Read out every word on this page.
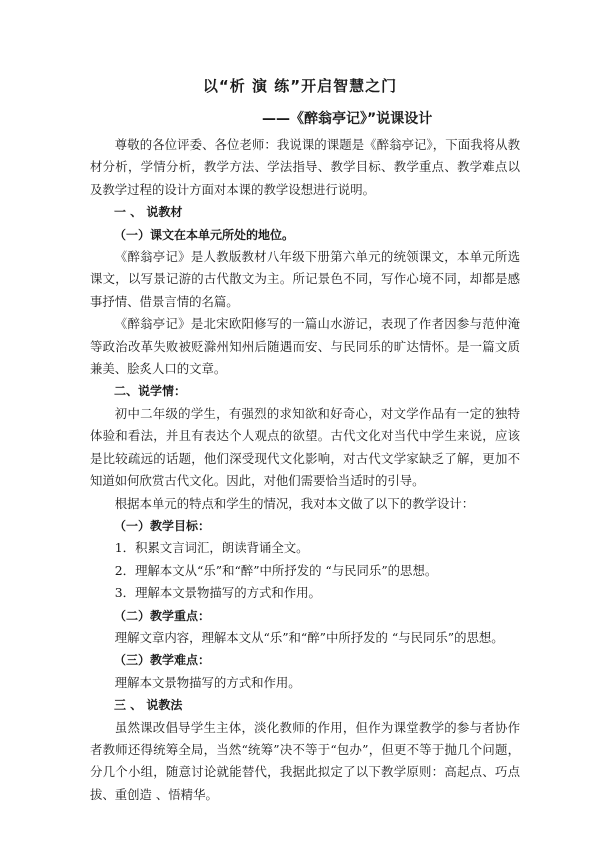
以“析 演 练”开启智慧之门
——《醉翁亭记》”说课设计

尊敬的各位评委、各位老师：我说课的课题是《醉翁亭记》，下面我将从教材分析，学情分析，教学方法、学法指导、教学目标、教学重点、教学难点以及教学过程的设计方面对本课的教学设想进行说明。

一 、 说教材

（一）课文在本单元所处的地位。

《醉翁亭记》是人教版教材八年级下册第六单元的统领课文，本单元所选课文，以写景记游的古代散文为主。所记景色不同，写作心境不同，却都是感事抒情、借景言情的名篇。

《醉翁亭记》是北宋欧阳修写的一篇山水游记，表现了作者因参与范仲淹等政治改革失败被贬滁州知州后随遇而安、与民同乐的旷达情怀。是一篇文质兼美、脍炙人口的文章。

二、说学情：

初中二年级的学生，有强烈的求知欲和好奇心，对文学作品有一定的独特体验和看法，并且有表达个人观点的欲望。古代文化对当代中学生来说，应该是比较疏远的话题，他们深受现代文化影响，对古代文学家缺乏了解，更加不知道如何欣赏古代文化。因此，对他们需要恰当适时的引导。

根据本单元的特点和学生的情况，我对本文做了以下的教学设计：

（一）教学目标：

1．积累文言词汇，朗读背诵全文。

2．理解本文从“乐”和“醉”中所抒发的 “与民同乐”的思想。

3．理解本文景物描写的方式和作用。

（二）教学重点：

理解文章内容，理解本文从“乐”和“醉”中所抒发的 “与民同乐”的思想。

（三）教学难点：

理解本文景物描写的方式和作用。

三 、 说教法

虽然课改倡导学生主体，淡化教师的作用，但作为课堂教学的参与者协作者教师还得统筹全局，当然“统筹”决不等于“包办”，但更不等于抛几个问题，分几个小组，随意讨论就能替代，我据此拟定了以下教学原则：高起点、巧点拔、重创造 、悟精华。
